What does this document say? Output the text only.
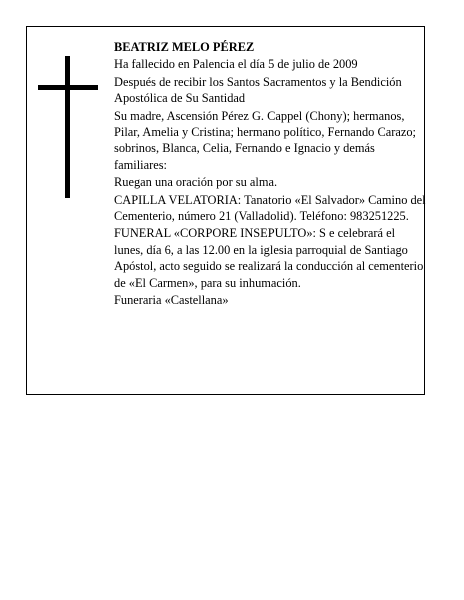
BEATRIZ MELO PÉREZ

Ha fallecido en Palencia el día 5 de julio de 2009

Después de recibir los Santos Sacramentos y la Bendición Apostólica de Su Santidad

Su madre, Ascensión Pérez G. Cappel (Chony); hermanos, Pilar, Amelia y Cristina; hermano político, Fernando Carazo; sobrinos, Blanca, Celia, Fernando e Ignacio y demás familiares:

Ruegan una oración por su alma.

CAPILLA VELATORIA: Tanatorio «El Salvador» Camino del Cementerio, número 21 (Valladolid). Teléfono: 983251225.

FUNERAL «CORPORE INSEPULTO»: S e celebrará el lunes, día 6, a las 12.00 en la iglesia parroquial de Santiago Apóstol, acto seguido se realizará la conducción al cementerio de «El Carmen», para su inhumación.

Funeraria «Castellana»
